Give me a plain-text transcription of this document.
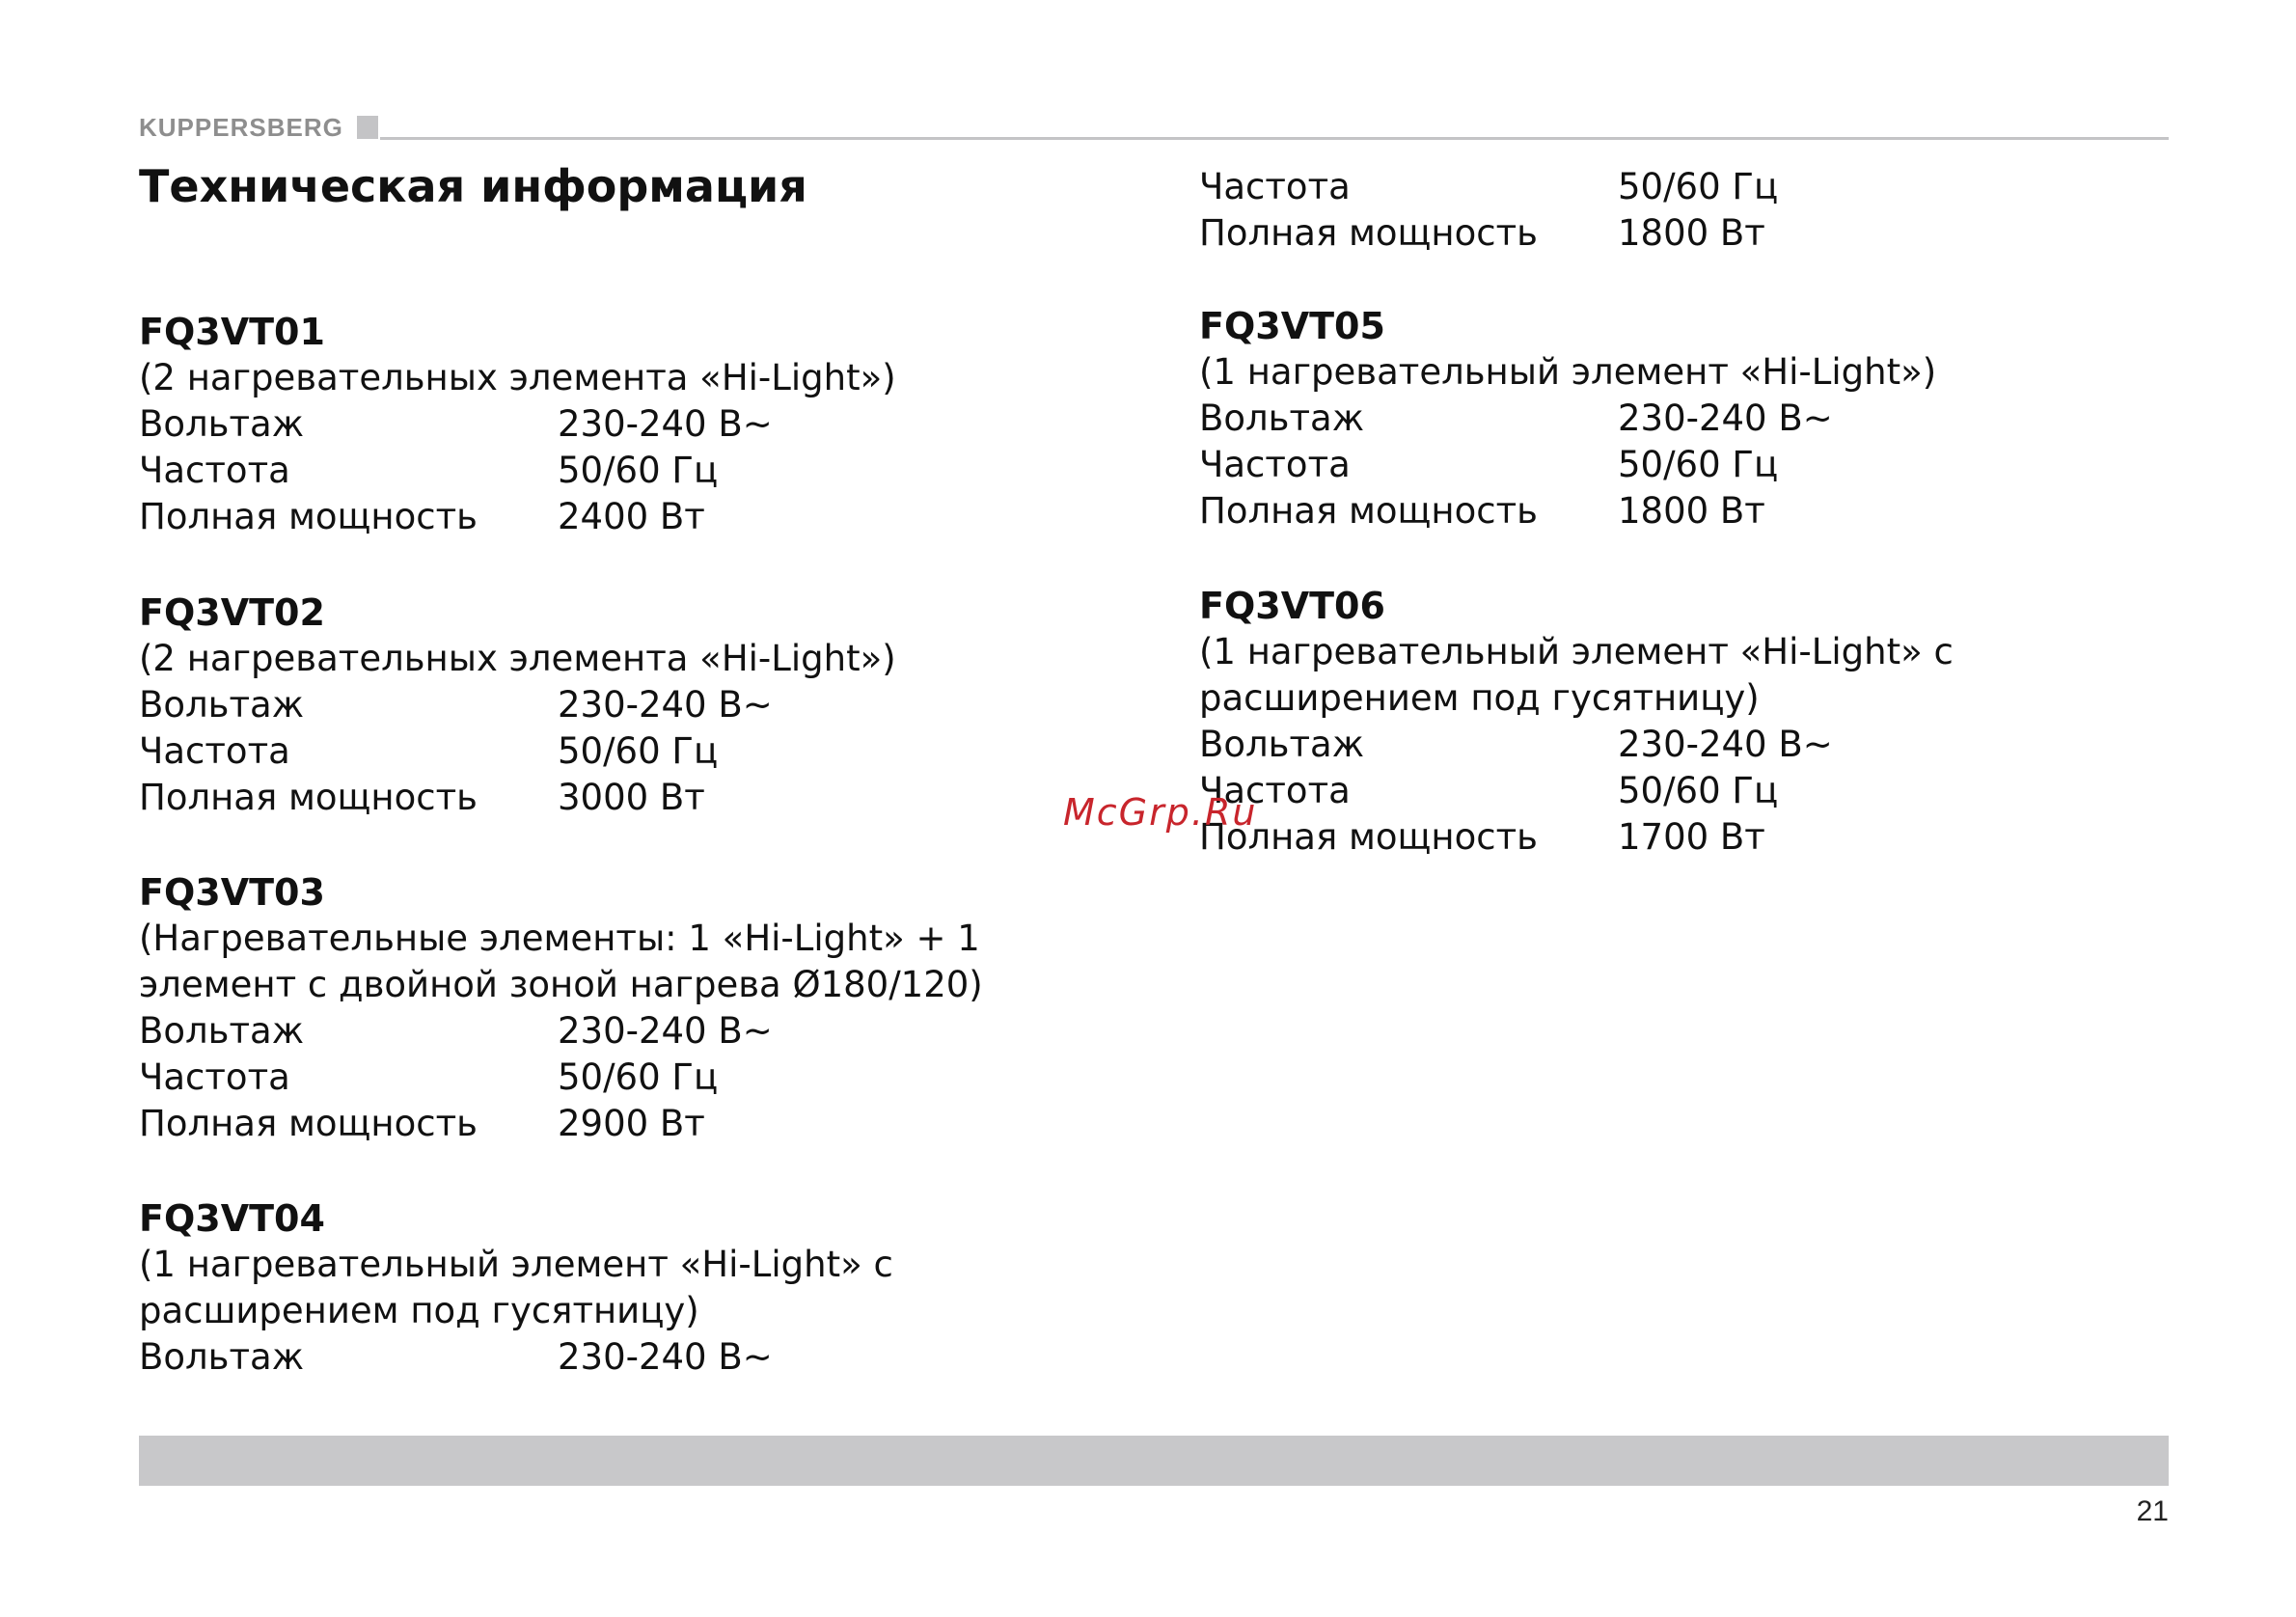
KUPPERSBERG
Техническая информация
FQ3VT01
(2 нагревательных элемента «Hi-Light»)
Вольтаж	230-240 В~
Частота	50/60 Гц
Полная мощность 2400 Вт
FQ3VT02
(2 нагревательных элемента «Hi-Light»)
Вольтаж	230-240 В~
Частота	50/60 Гц
Полная мощность 3000 Вт
FQ3VT03
(Нагревательные элементы: 1 «Hi-Light» + 1 элемент с двойной зоной нагрева Ø180/120)
Вольтаж	230-240 В~
Частота	50/60 Гц
Полная мощность 2900 Вт
FQ3VT04
(1 нагревательный элемент «Hi-Light» с расширением под гусятницу)
Вольтаж	230-240 В~
Частота	50/60 Гц
Полная мощность 1800 Вт
FQ3VT05
(1 нагревательный элемент «Hi-Light»)
Вольтаж	230-240 В~
Частота	50/60 Гц
Полная мощность 1800 Вт
FQ3VT06
(1 нагревательный элемент «Hi-Light» с расширением под гусятницу)
Вольтаж	230-240 В~
Частота	50/60 Гц
Полная мощность 1700 Вт
McGrp.Ru
21
